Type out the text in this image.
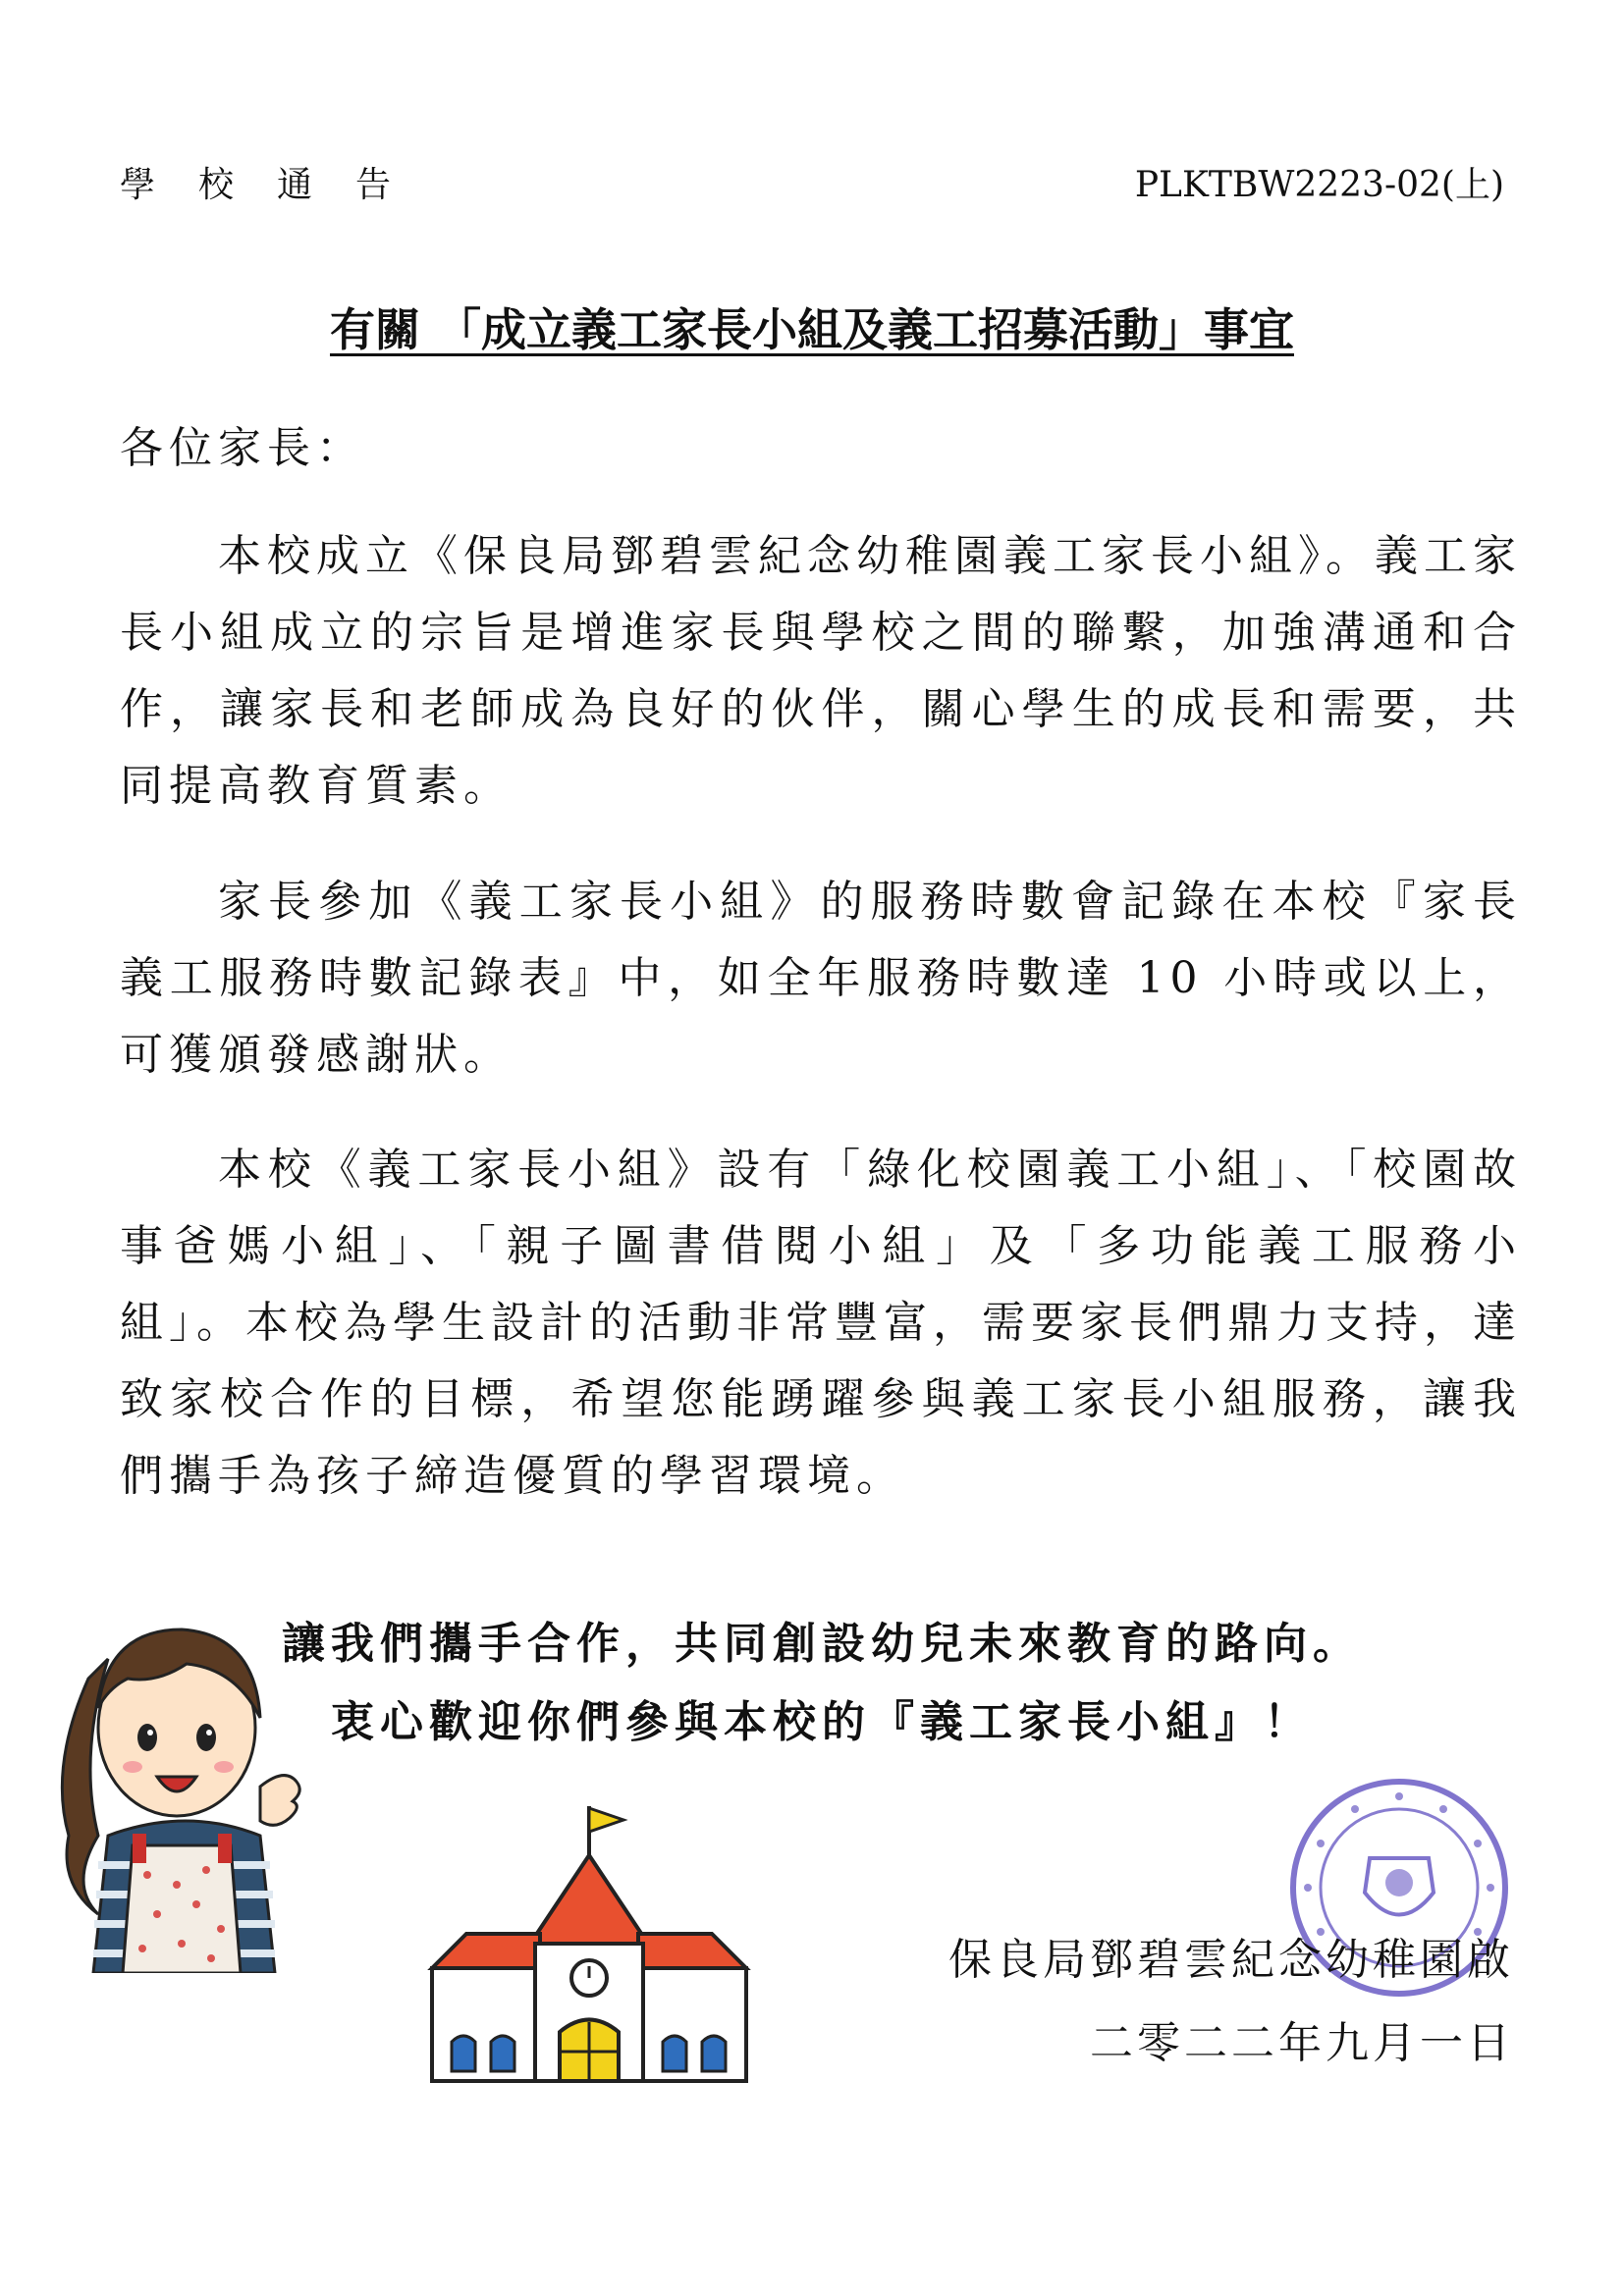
學校通告	PLKTBW2223-02(上)
有關 「成立義工家長小組及義工招募活動」事宜
各位家長：

本校成立《保良局鄧碧雲紀念幼稚園義工家長小組》。義工家長小組成立的宗旨是增進家長與學校之間的聯繫，加強溝通和合作，讓家長和老師成為良好的伙伴，關心學生的成長和需要，共同提高教育質素。

家長參加《義工家長小組》的服務時數會記錄在本校『家長義工服務時數記錄表』中，如全年服務時數達 10 小時或以上，可獲頒發感謝狀。

本校《義工家長小組》設有「綠化校園義工小組」、「校園故事爸媽小組」、「親子圖書借閱小組」及「多功能義工服務小組」。本校為學生設計的活動非常豐富，需要家長們鼎力支持，達致家校合作的目標，希望您能踴躍參與義工家長小組服務，讓我們攜手為孩子締造優質的學習環境。

讓我們攜手合作，共同創設幼兒未來教育的路向。
衷心歡迎你們參與本校的『義工家長小組』！
保良局鄧碧雲紀念幼稚園啟
二零二二年九月一日
